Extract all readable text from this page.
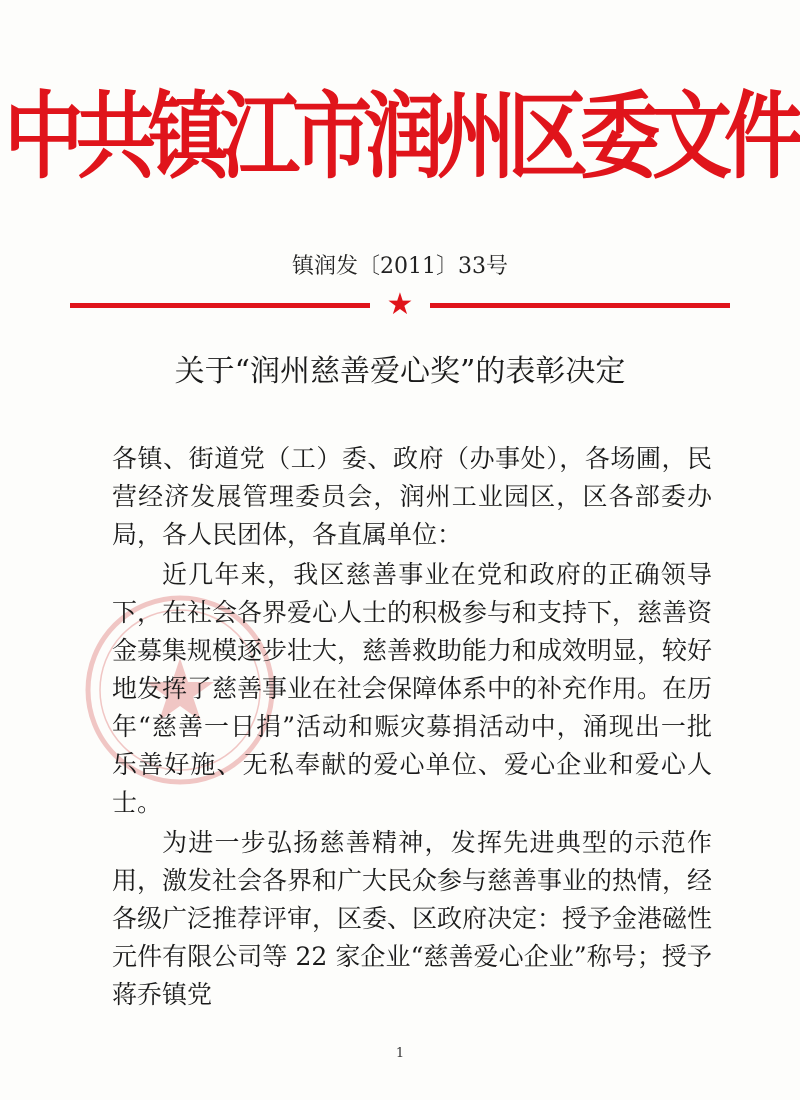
中共镇江市润州区委文件
镇润发〔2011〕33号
★
关于“润州慈善爱心奖”的表彰决定

各镇、街道党（工）委、政府（办事处），各场圃，民营经济发展管理委员会，润州工业园区，区各部委办局，各人民团体，各直属单位：

近几年来，我区慈善事业在党和政府的正确领导下，在社会各界爱心人士的积极参与和支持下，慈善资金募集规模逐步壮大，慈善救助能力和成效明显，较好地发挥了慈善事业在社会保障体系中的补充作用。在历年“慈善一日捐”活动和赈灾募捐活动中，涌现出一批乐善好施、无私奉献的爱心单位、爱心企业和爱心人士。

为进一步弘扬慈善精神，发挥先进典型的示范作用，激发社会各界和广大民众参与慈善事业的热情，经各级广泛推荐评审，区委、区政府决定：授予金港磁性元件有限公司等 22 家企业“慈善爱心企业”称号；授予蒋乔镇党

1
